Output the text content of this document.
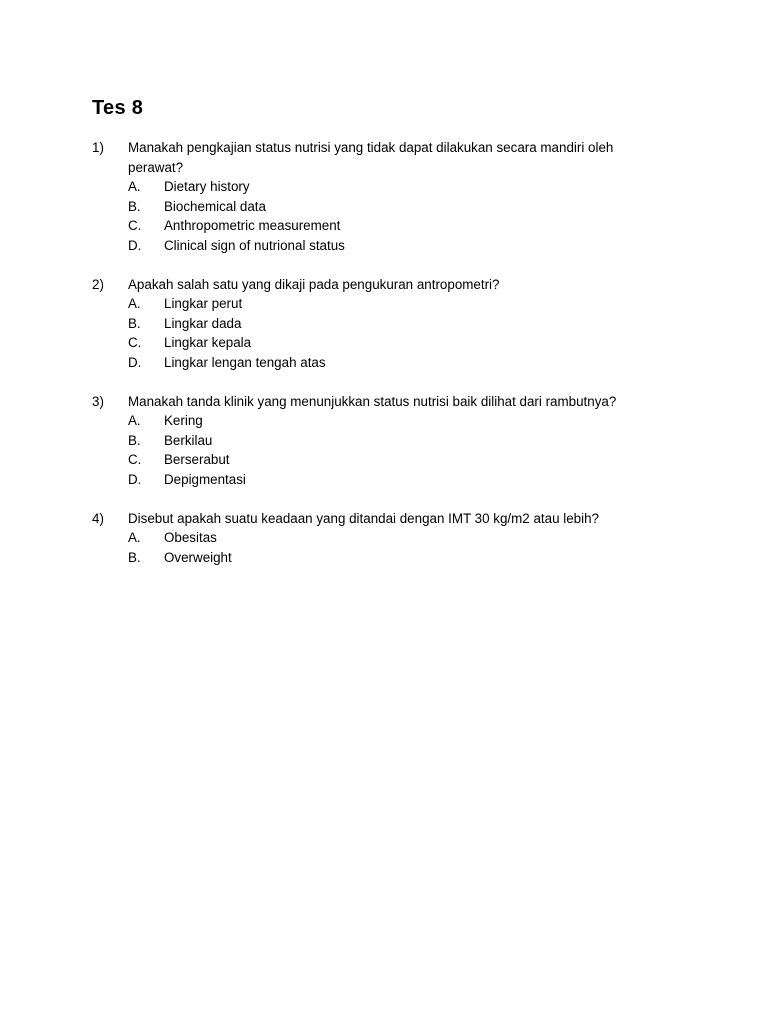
Tes 8
1)	Manakah pengkajian status nutrisi yang tidak dapat dilakukan secara mandiri oleh perawat?
A.	Dietary history
B.	Biochemical data
C.	Anthropometric measurement
D.	Clinical sign of nutrional status
2)	Apakah salah satu yang dikaji pada pengukuran antropometri?
A.	Lingkar perut
B.	Lingkar dada
C.	Lingkar kepala
D.	Lingkar lengan tengah atas
3)	Manakah tanda klinik yang menunjukkan status nutrisi baik dilihat dari rambutnya?
A.	Kering
B.	Berkilau
C.	Berserabut
D.	Depigmentasi
4)	Disebut apakah suatu keadaan yang ditandai dengan IMT 30 kg/m2 atau lebih?
A.	Obesitas
B.	Overweight
